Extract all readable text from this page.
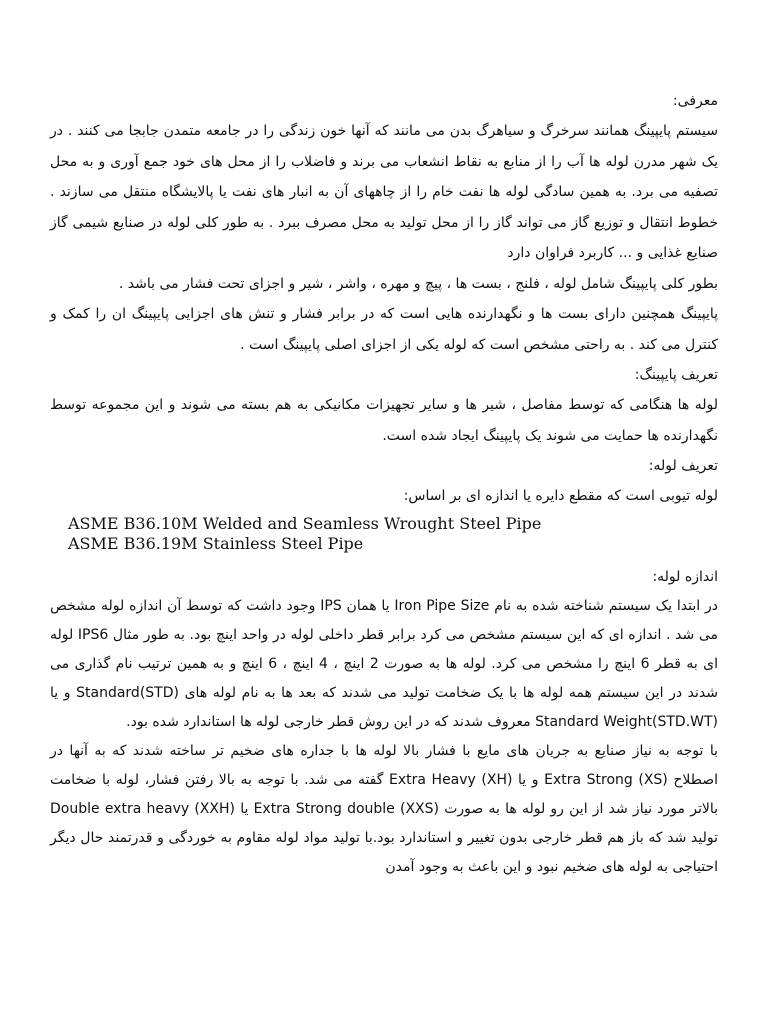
معرفی:

سیستم پایپینگ همانند سرخرگ و سیاهرگ بدن می مانند که آنها خون زندگی را در جامعه متمدن جابجا می کنند . در یک شهر مدرن لوله ها آب را از منابع به نقاط انشعاب می برند و فاضلاب را از محل های خود جمع آوری و به محل تصفیه می برد. به همین سادگی لوله ها نفت خام را از چاههای آن به انبار های نفت یا پالایشگاه منتقل می سازند . خطوط انتقال و توزیع گاز می تواند گاز را از محل تولید به محل مصرف ببرد . به طور کلی لوله در صنایع شیمی گاز صنایع غذایی و ... کاربرد فراوان دارد

بطور کلی پایپینگ شامل لوله ، فلنج ، بست ها ، پیچ و مهره ، واشر ، شیر و اجزای تحت فشار می باشد .

پایپینگ همچنین دارای بست ها و نگهدارنده هایی است که در برابر فشار و تنش های اجزایی پایپینگ ان را کمک و کنترل می کند . به راحتی مشخص است که لوله یکی از اجزای اصلی پایپینگ است .

تعریف پایپینگ:

لوله ها هنگامی که توسط مفاصل ، شیر ها و سایر تجهیزات مکانیکی به هم بسته می شوند و این مجموعه توسط نگهدارنده ها حمایت می شوند یک پایپینگ ایجاد شده است.

تعریف لوله:

لوله تیوبی است که مقطع دایره یا اندازه ای بر اساس:

ASME B36.10M Welded and Seamless Wrought Steel Pipe

ASME B36.19M Stainless Steel Pipe

اندازه لوله:

در ابتدا یک سیستم شناخته شده به نام Iron Pipe Size یا همان IPS وجود داشت که توسط آن اندازه لوله مشخص می شد . اندازه ای که این سیستم مشخص می کرد برابر قطر داخلی لوله در واحد اینچ بود. به طور مثال IPS6 لوله ای به قطر 6 اینچ را مشخص می کرد. لوله ها به صورت 2 اینچ ، 4 اینچ ، 6 اینچ و به همین ترتیب نام گذاری می شدند در این سیستم همه لوله ها با یک ضخامت تولید می شدند که بعد ها به نام لوله های Standard(STD) و یا Standard Weight(STD.WT) معروف شدند که در این روش قطر خارجی لوله ها استاندارد شده بود.

با توجه به نیاز صنایع به جریان های مایع با فشار بالا لوله ها با جداره های ضخیم تر ساخته شدند که به آنها در اصطلاح Extra Strong (XS) و یا Extra Heavy (XH) گفته می شد. با توجه به بالا رفتن فشار، لوله با ضخامت بالاتر مورد نیاز شد از این رو لوله ها به صورت Extra Strong double (XXS) یا Double extra heavy (XXH) تولید شد که باز هم قطر خارجی بدون تغییر و استاندارد بود.با تولید مواد لوله مقاوم به خوردگی و قدرتمند حال دیگر احتیاجی به لوله های ضخیم نبود و این باعث به وجود آمدن
